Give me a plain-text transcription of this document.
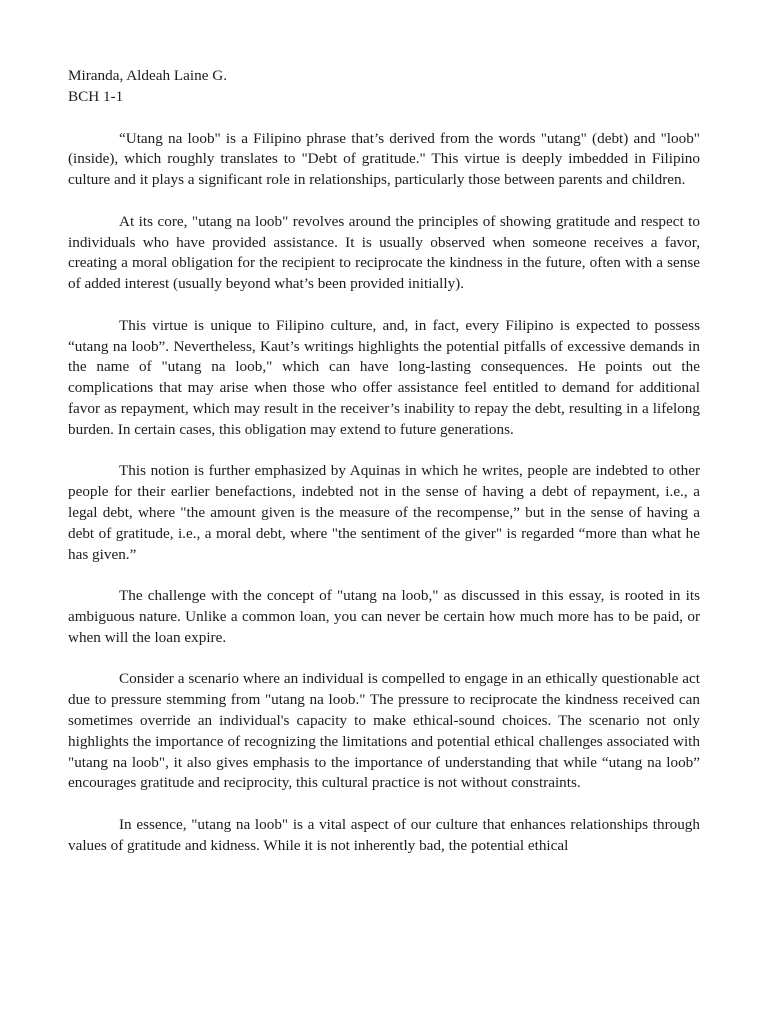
Miranda, Aldeah Laine G.

BCH 1-1

“Utang na loob" is a Filipino phrase that’s derived from the words "utang" (debt) and "loob" (inside), which roughly translates to "Debt of gratitude." This virtue is deeply imbedded in Filipino culture and it plays a significant role in relationships, particularly those between parents and children.

At its core, "utang na loob" revolves around the principles of showing gratitude and respect to individuals who have provided assistance. It is usually observed when someone receives a favor, creating a moral obligation for the recipient to reciprocate the kindness in the future, often with a sense of added interest (usually beyond what’s been provided initially).

This virtue is unique to Filipino culture, and, in fact, every Filipino is expected to possess “utang na loob”. Nevertheless, Kaut’s writings highlights the potential pitfalls of excessive demands in the name of "utang na loob," which can have long-lasting consequences. He points out the complications that may arise when those who offer assistance feel entitled to demand for additional favor as repayment, which may result in the receiver’s inability to repay the debt, resulting in a lifelong burden. In certain cases, this obligation may extend to future generations.

This notion is further emphasized by Aquinas in which he writes, people are indebted to other people for their earlier benefactions, indebted not in the sense of having a debt of repayment, i.e., a legal debt, where "the amount given is the measure of the recompense,” but in the sense of having a debt of gratitude, i.e., a moral debt, where "the sentiment of the giver" is regarded “more than what he has given.”

The challenge with the concept of "utang na loob," as discussed in this essay, is rooted in its ambiguous nature. Unlike a common loan, you can never be certain how much more has to be paid, or when will the loan expire.

Consider a scenario where an individual is compelled to engage in an ethically questionable act due to pressure stemming from "utang na loob." The pressure to reciprocate the kindness received can sometimes override an individual's capacity to make ethical-sound choices. The scenario not only highlights the importance of recognizing the limitations and potential ethical challenges associated with "utang na loob", it also gives emphasis to the importance of understanding that while “utang na loob” encourages gratitude and reciprocity, this cultural practice is not without constraints.

In essence, "utang na loob" is a vital aspect of our culture that enhances relationships through values of gratitude and kidness. While it is not inherently bad, the potential ethical
